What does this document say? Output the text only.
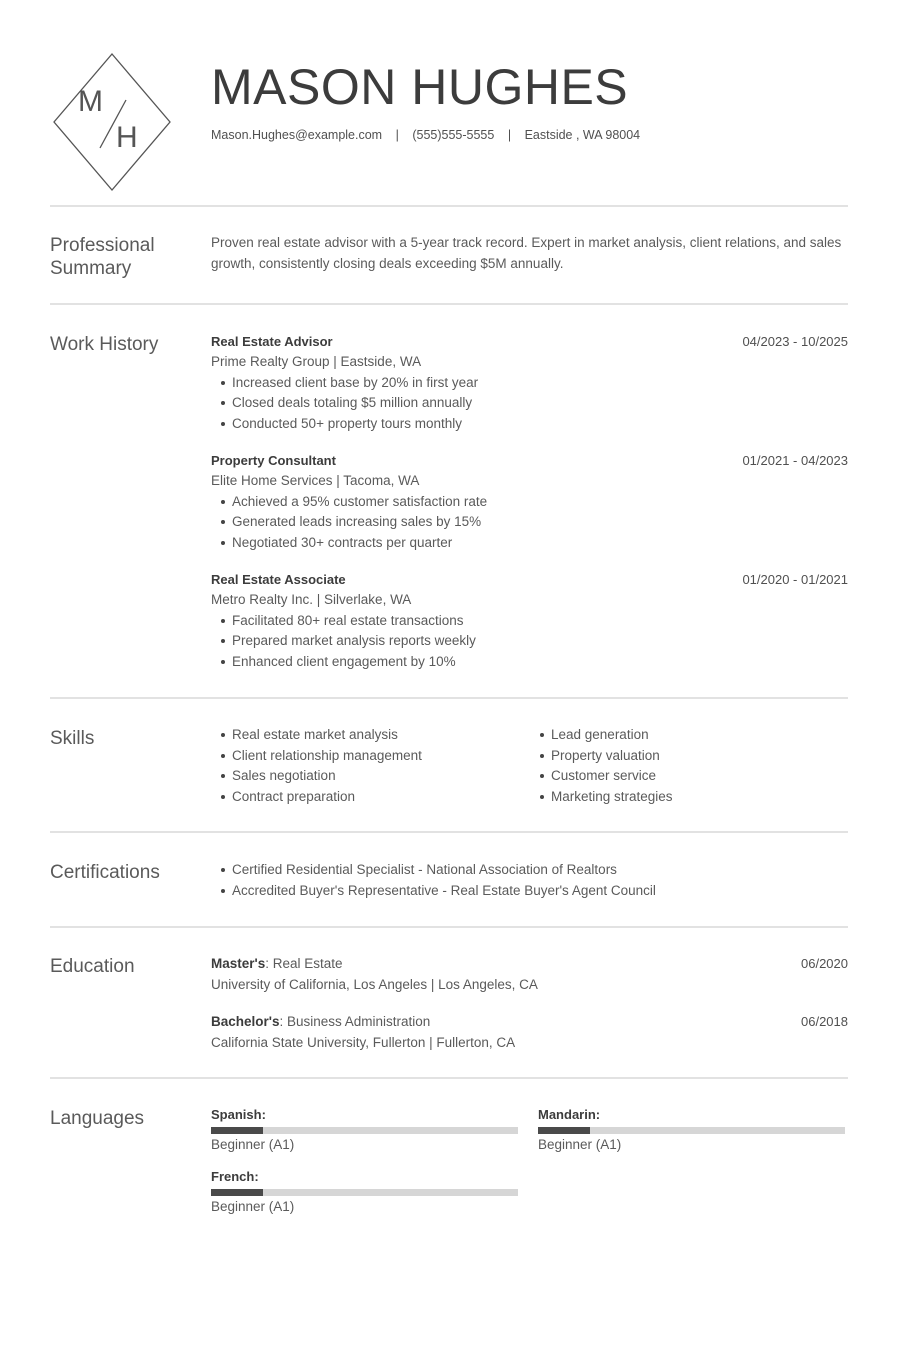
M
H
MASON HUGHES
Mason.Hughes@example.com | (555)555-5555 | Eastside , WA 98004
Professional
Summary
Proven real estate advisor with a 5-year track record. Expert in market analysis, client relations, and sales growth, consistently closing deals exceeding $5M annually.
Work History	Real Estate Advisor	04/2023 - 10/2025
Prime Realty Group | Eastside, WA
Increased client base by 20% in first year
Closed deals totaling $5 million annually
Conducted 50+ property tours monthly
Property Consultant	01/2021 - 04/2023
Elite Home Services | Tacoma, WA
Achieved a 95% customer satisfaction rate
Generated leads increasing sales by 15%
Negotiated 30+ contracts per quarter
Real Estate Associate	01/2020 - 01/2021
Metro Realty Inc. | Silverlake, WA
Facilitated 80+ real estate transactions
Prepared market analysis reports weekly
Enhanced client engagement by 10%
Skills	Real estate market analysis
Client relationship management
Sales negotiation
Contract preparation
Lead generation
Property valuation
Customer service
Marketing strategies
Certifications	Certified Residential Specialist - National Association of Realtors
Accredited Buyer's Representative - Real Estate Buyer's Agent Council
Education	Master's: Real Estate	06/2020
University of California, Los Angeles | Los Angeles, CA
Bachelor's: Business Administration	06/2018
California State University, Fullerton | Fullerton, CA
Languages	Spanish:
Beginner (A1)
Mandarin:
Beginner (A1)
French:
Beginner (A1)
